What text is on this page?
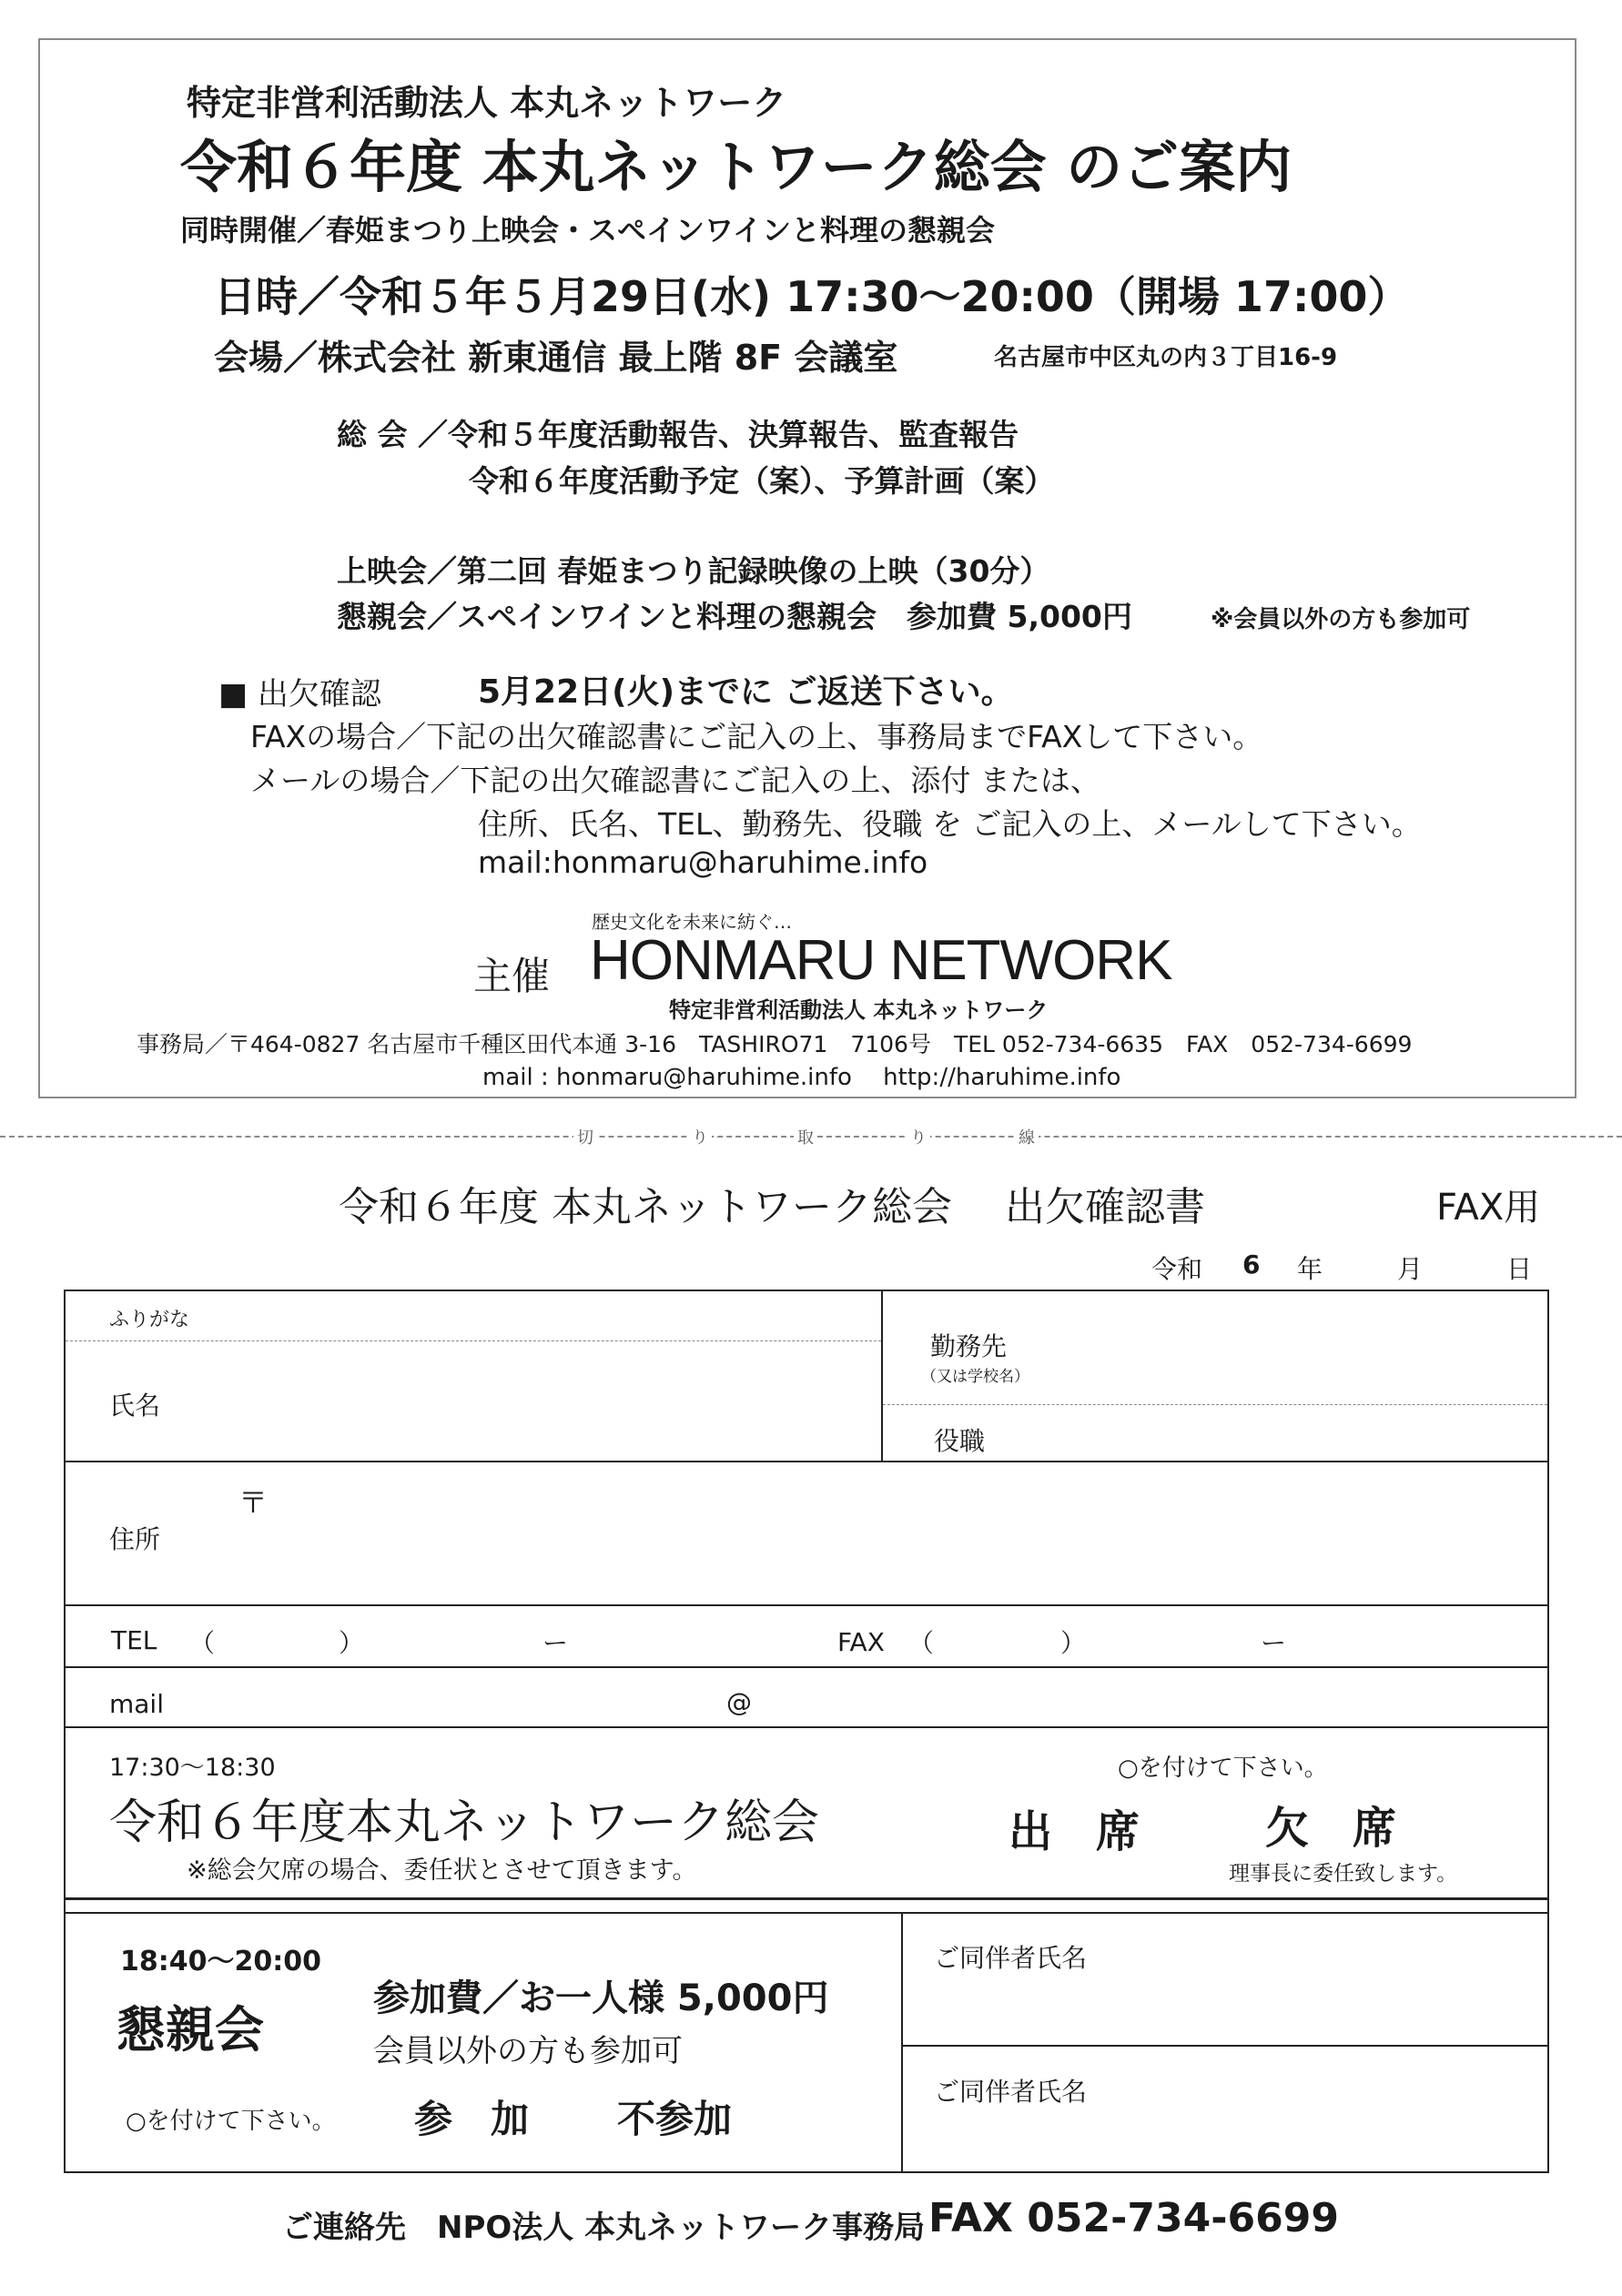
特定非営利活動法人 本丸ネットワーク
令和６年度 本丸ネットワーク総会 のご案内
同時開催／春姫まつり上映会・スペインワインと料理の懇親会
日時／令和５年５月29日(水) 17:30〜20:00（開場 17:00）
会場／株式会社 新東通信 最上階 8F 会議室	名古屋市中区丸の内３丁目16-9
総 会 ／令和５年度活動報告、決算報告、監査報告
令和６年度活動予定（案）、予算計画（案）
上映会／第二回 春姫まつり記録映像の上映（30分）
懇親会／スペインワインと料理の懇親会　参加費 5,000円	※会員以外の方も参加可
■ 出欠確認	5月22日(火)までに ご返送下さい。
FAXの場合／下記の出欠確認書にご記入の上、事務局までFAXして下さい。
メールの場合／下記の出欠確認書にご記入の上、添付 または、
住所、氏名、TEL、勤務先、役職 を ご記入の上、メールして下さい。
mail:honmaru@haruhime.info
歴史文化を未来に紡ぐ…
主催 HONMARU NETWORK
特定非営利活動法人 本丸ネットワーク
事務局／〒464-0827 名古屋市千種区田代本通 3-16　TASHIRO71　7106号　TEL 052-734-6635　FAX　052-734-6699
mail : honmaru@haruhime.info　 http://haruhime.info
切	り	取	り	線
令和６年度 本丸ネットワーク総会　 出欠確認書	FAX用
令和 6 年	月	日
ふりがな
氏名
勤務先
（又は学校名）
役職
〒
住所
TEL （	）	ー	FAX （	）	ー
mail	@
17:30〜18:30
令和６年度本丸ネットワーク総会
※総会欠席の場合、委任状とさせて頂きます。
○を付けて下さい。
出　席	欠　席
理事長に委任致します。
18:40〜20:00
懇親会
参加費／お一人様 5,000円
会員以外の方も参加可
○を付けて下さい。 参　加 不参加
ご同伴者氏名
ご同伴者氏名
ご連絡先　NPO法人 本丸ネットワーク事務局 FAX 052-734-6699
